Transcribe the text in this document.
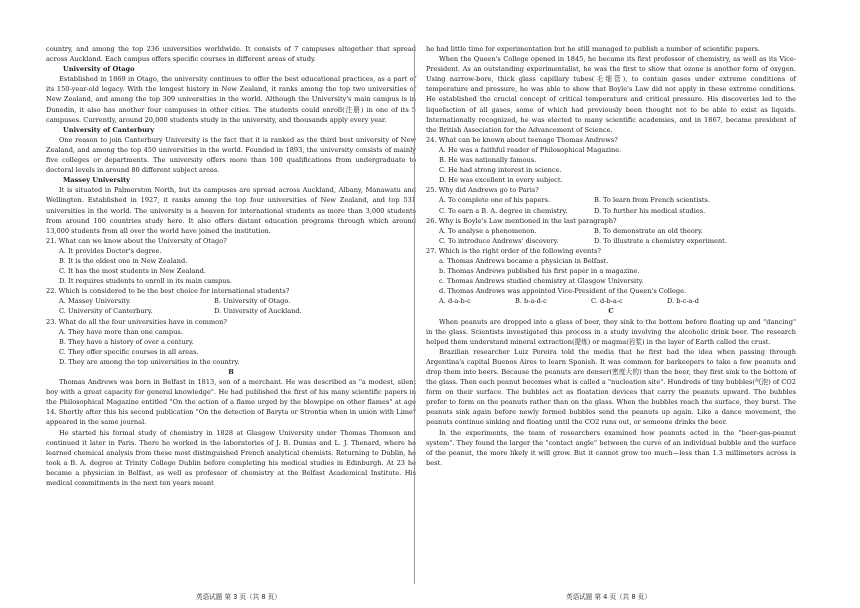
country, and among the top 236 universities worldwide. It consists of 7 campuses altogether that spread across Auckland. Each campus offers specific courses in different areas of study.

University of Otago

Established in 1869 in Otago, the university continues to offer the best educational practices, as a part of its 150-year-old legacy. With the longest history in New Zealand, it ranks among the top two universities of New Zealand, and among the top 309 universities in the world. Although the University's main campus is in Dunedin, it also has another four campuses in other cities. The students could enroll(注册) in one of its 5 campuses. Currently, around 20,000 students study in the university, and thousands apply every year.

University of Canterbury

One reason to join Canterbury University is the fact that it is ranked as the third best university of New Zealand, and among the top 450 universities in the world. Founded in 1893, the university consists of mainly five colleges or departments. The university offers more than 100 qualifications from undergraduate to doctoral levels in around 80 different subject areas.

Massey University

It is situated in Palmerston North, but its campuses are spread across Auckland, Albany, Manawatu and Wellington. Established in 1927, it ranks among the top four universities of New Zealand, and top 531 universities in the world. The university is a heaven for international students as more than 3,000 students from around 100 countries study here. It also offers distant education programs through which around 13,000 students from all over the world have joined the institution.

21. What can we know about the University of Otago?

A. It provides Doctor's degree.

B. It is the oldest one in New Zealand.

C. It has the most students in New Zealand.

D. It requires students to enroll in its main campus.

22. Which is considered to be the best choice for international students?

A. Massey University.	B. University of Otago.
C. University of Canterbury.	D. University of Auckland.

23. What do all the four universities have in common?

A. They have more than one campus.

B. They have a history of over a century.

C. They offer specific courses in all areas.

D. They are among the top universities in the country.

B

Thomas Andrews was born in Belfast in 1813, son of a merchant. He was described as "a modest, silent boy with a great capacity for general knowledge". He had published the first of his many scientific papers in the Philosophical Magazine entitled "On the action of a flame urged by the blowpipe on other flames" at age 14. Shortly after this his second publication "On the detection of Baryta or Strontia when in union with Lime" appeared in the same journal.

He started his formal study of chemistry in 1828 at Glasgow University under Thomas Thomson and continued it later in Paris. There he worked in the laboratories of J. B. Dumas and L. J. Thenard, where he learned chemical analysis from these most distinguished French analytical chemists. Returning to Dublin, he took a B. A. degree at Trinity College Dublin before completing his medical studies in Edinburgh. At 23 he became a physician in Belfast, as well as professor of chemistry at the Belfast Academical Institute. His medical commitments in the next ten years meant

he had little time for experimentation but he still managed to publish a number of scientific papers.

When the Queen's College opened in 1845, he became its first professor of chemistry, as well as its Vice-President. As an outstanding experimentalist, he was the first to show that ozone is another form of oxygen. Using narrow-bore, thick glass capillary tubes(毛细管), to contain gases under extreme conditions of temperature and pressure, he was able to show that Boyle's Law did not apply in these extreme conditions. He established the crucial concept of critical temperature and critical pressure. His discoveries led to the liquefaction of all gases, some of which had previously been thought not to be able to exist as liquids. Internationally recognized, he was elected to many scientific academies, and in 1867, became president of the British Association for the Advancement of Science.

24. What can be known about teenage Thomas Andrews?

A. He was a faithful reader of Philosophical Magazine.

B. He was nationally famous.

C. He had strong interest in science.

D. He was excellent in every subject.

25. Why did Andrews go to Paris?

A. To complete one of his papers.	B. To learn from French scientists.
C. To earn a B. A. degree in chemistry.	D. To further his medical studies.

26. Why is Boyle's Law mentioned in the last paragraph?

A. To analyse a phenomenon.	B. To demonstrate an old theory.
C. To introduce Andrews' discovery.	D. To illustrate a chemistry experiment.

27. Which is the right order of the following events?

a. Thomas Andrews became a physician in Belfast.

b. Thomas Andrews published his first paper in a magazine.

c. Thomas Andrews studied chemistry at Glasgow University.

d. Thomas Andrews was appointed Vice-President of the Queen's College.

A. d-a-b-c	B. b-a-d-c	C. d-b-a-c	D. b-c-a-d

C

When peanuts are dropped into a glass of beer, they sink to the bottom before floating up and "dancing" in the glass. Scientists investigated this process in a study involving the alcoholic drink beer. The research helped them understand mineral extraction(提炼) or magma(岩浆) in the layer of Earth called the crust.

Brazilian researcher Luiz Pereira told the media that he first had the idea when passing through Argentina's capital Buenos Aires to learn Spanish. It was common for barkeepers to take a few peanuts and drop them into beers. Because the peanuts are denser(密度大的) than the beer, they first sink to the bottom of the glass. Then each peanut becomes what is called a "nucleation site". Hundreds of tiny bubbles(气泡) of CO2 form on their surface. The bubbles act as floatation devices that carry the peanuts upward. The bubbles prefer to form on the peanuts rather than on the glass. When the bubbles reach the surface, they burst. The peanuts sink again before newly formed bubbles send the peanuts up again. Like a dance movement, the peanuts continue sinking and floating until the CO2 runs out, or someone drinks the beer.

In the experiments, the team of researchers examined how peanuts acted in the "beer-gas-peanut system". They found the larger the "contact angle" between the curve of an individual bubble and the surface of the peanut, the more likely it will grow. But it cannot grow too much—less than 1.3 millimeters across is best.

英语试题 第 3 页（共 8 页）	英语试题 第 4 页（共 8 页）
